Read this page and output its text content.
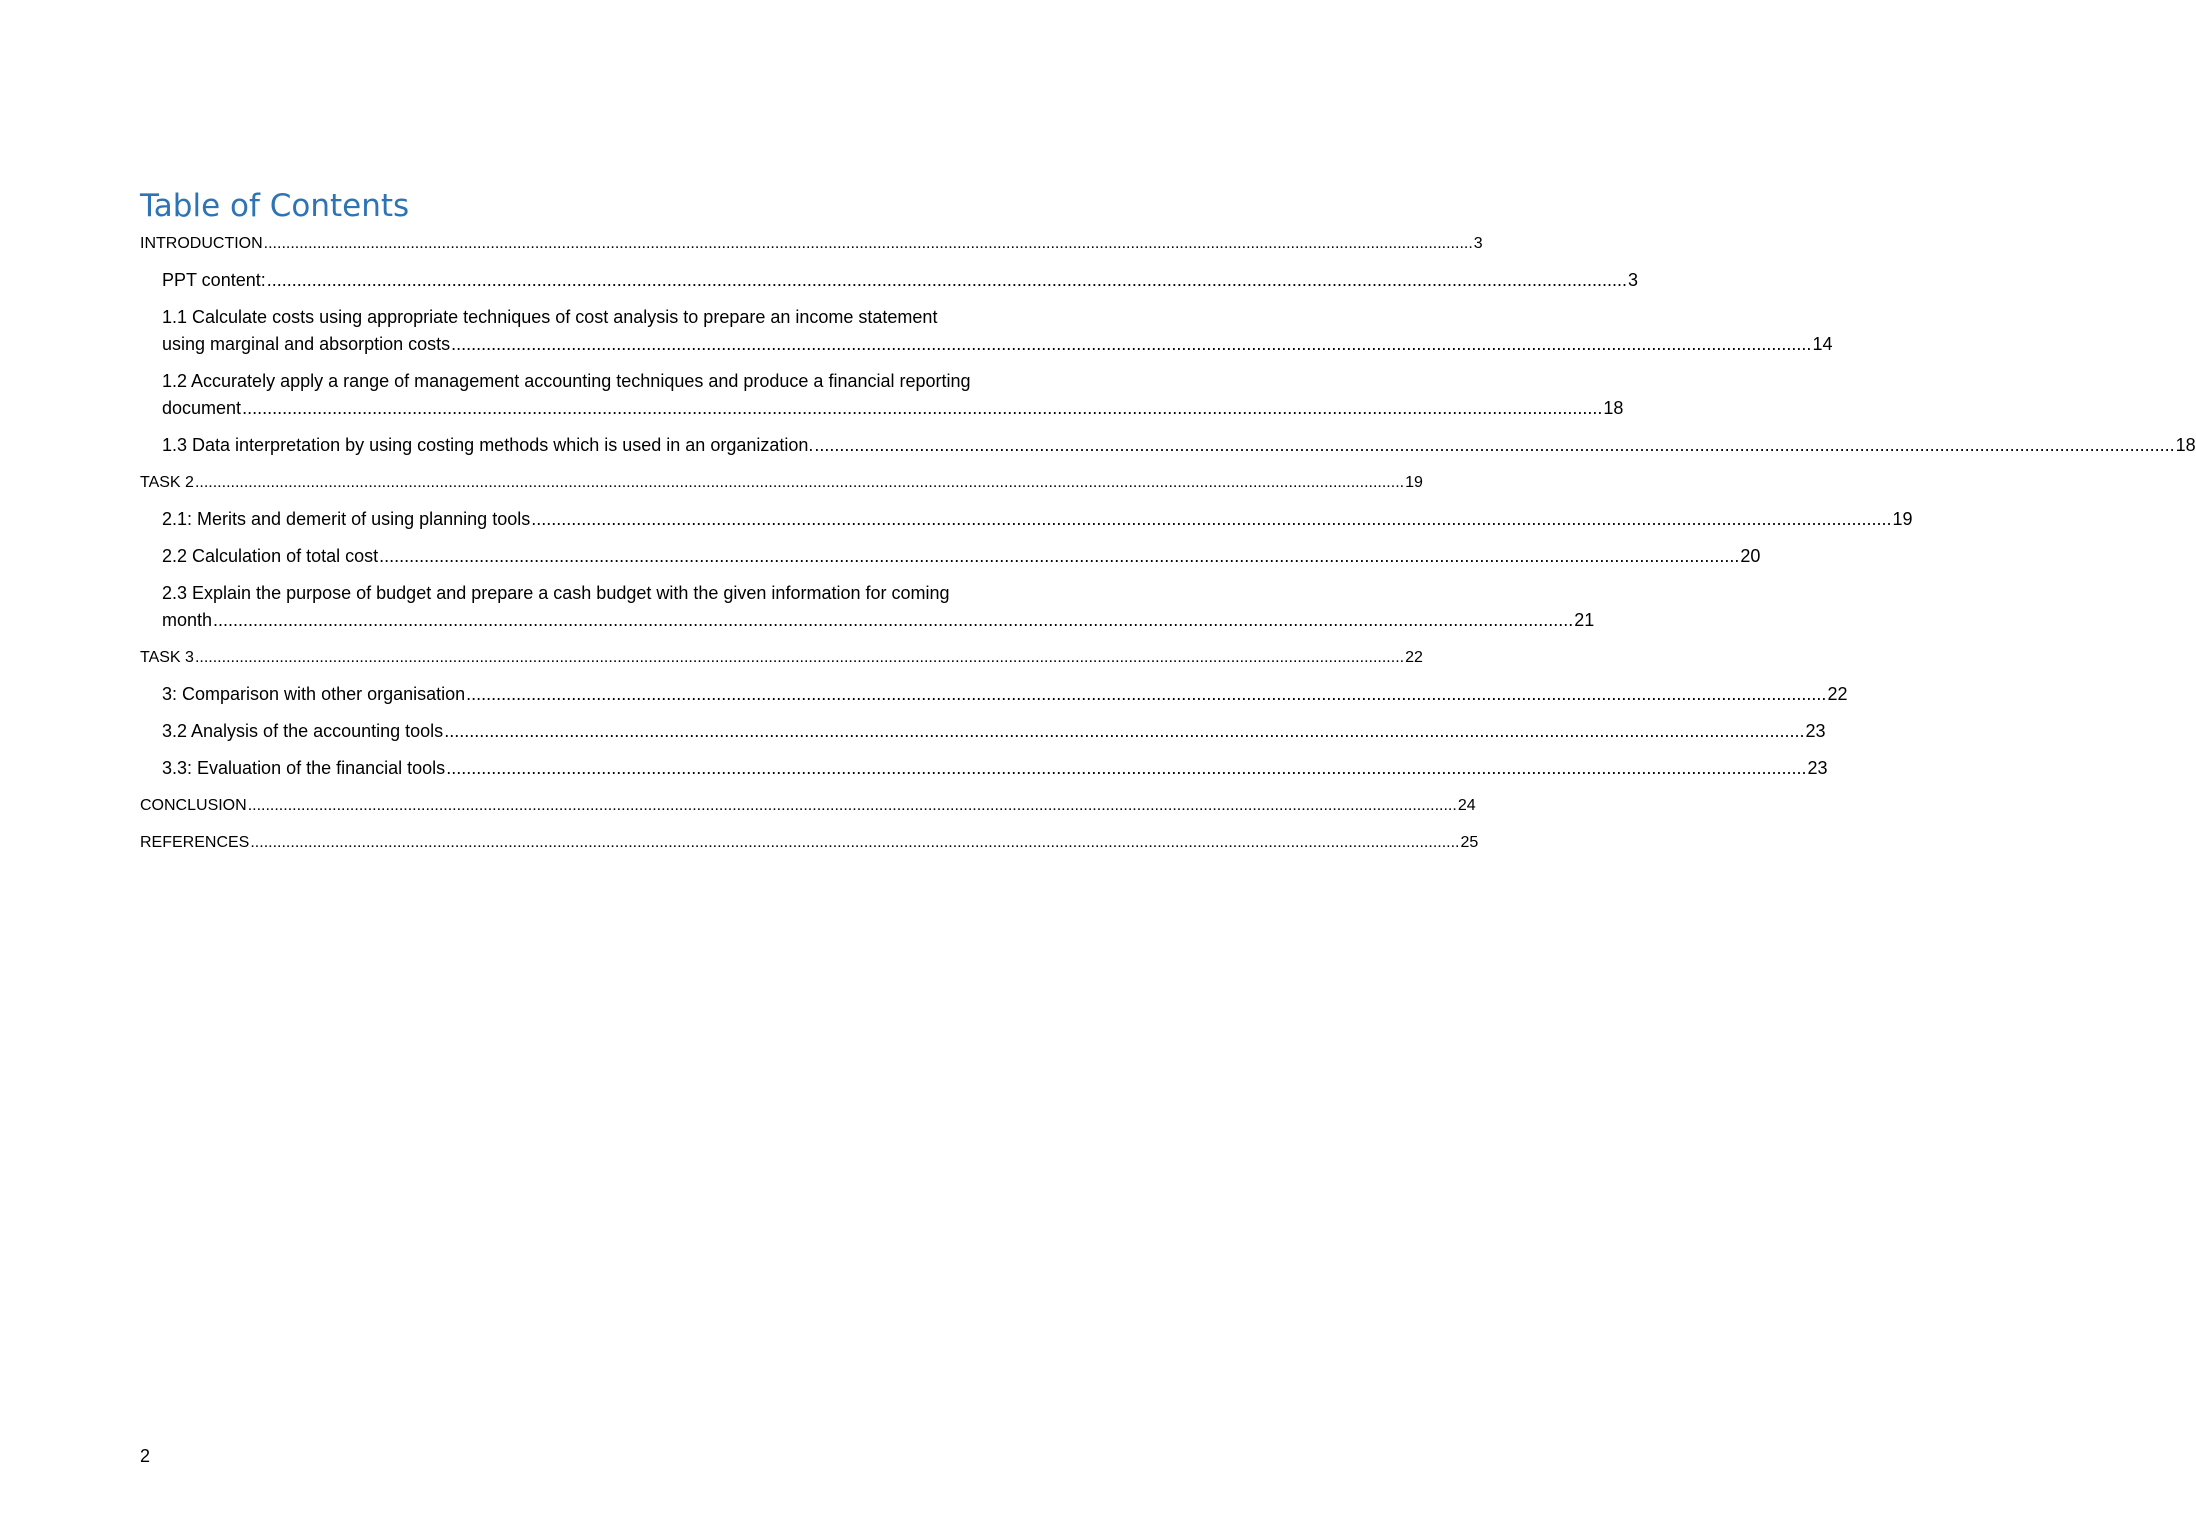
Table of Contents
INTRODUCTION .....	3
PPT content: .....	3
1.1 Calculate costs using appropriate techniques of cost analysis to prepare an income statement
using marginal and absorption costs .....	14
1.2 Accurately apply a range of management accounting techniques and produce a financial reporting
document .....	18
1.3 Data interpretation by using costing methods which is used in an organization. .....	18
TASK 2 .....	19
2.1: Merits and demerit of using planning tools .....	19
2.2 Calculation of total cost .....	20
2.3 Explain the purpose of budget and prepare a cash budget with the given information for coming
month .....	21
TASK 3 .....	22
3: Comparison with other organisation .....	22
3.2 Analysis of the accounting tools .....	23
3.3: Evaluation of the financial tools .....	23
CONCLUSION .....	24
REFERENCES .....	25
2
